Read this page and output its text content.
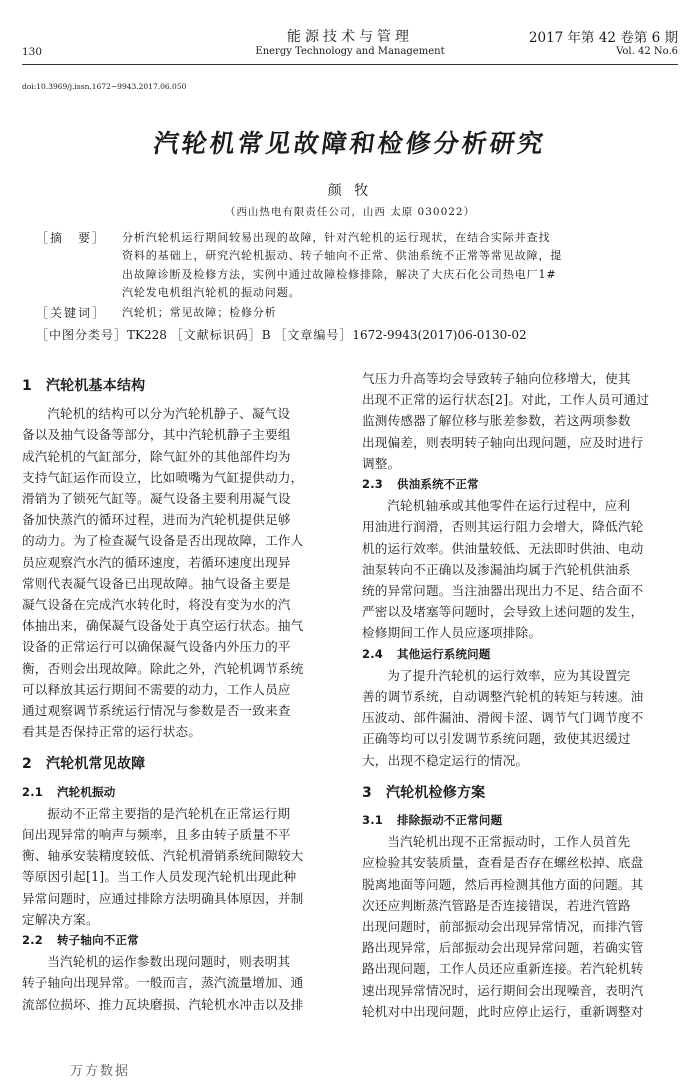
能源技术与管理
Energy Technology and Management
130
2017 年第 42 卷第 6 期
Vol. 42 No.6
doi:10.3969/j.issn.1672−9943.2017.06.050
汽轮机常见故障和检修分析研究
颜 牧
（西山热电有限责任公司，山西 太原 030022）
［摘　要］ 分析汽轮机运行期间较易出现的故障，针对汽轮机的运行现状，在结合实际并查找
资料的基础上，研究汽轮机振动、转子轴向不正常、供油系统不正常等常见故障，提
出故障诊断及检修方法，实例中通过故障检修排除，解决了大庆石化公司热电厂1#
汽轮发电机组汽轮机的振动问题。
［关键词］ 汽轮机；常见故障；检修分析
［中图分类号］TK228 ［文献标识码］B ［文章编号］1672-9943(2017)06-0130-02
1 汽轮机基本结构
汽轮机的结构可以分为汽轮机静子、凝气设
备以及抽气设备等部分，其中汽轮机静子主要组
成汽轮机的气缸部分，除气缸外的其他部件均为
支持气缸运作而设立，比如喷嘴为气缸提供动力，
滑销为了锁死气缸等。凝气设备主要利用凝气设
备加快蒸汽的循环过程，进而为汽轮机提供足够
的动力。为了检查凝气设备是否出现故障，工作人
员应观察汽水汽的循环速度，若循环速度出现异
常则代表凝气设备已出现故障。抽气设备主要是
凝气设备在完成汽水转化时，将没有变为水的汽
体抽出来，确保凝气设备处于真空运行状态。抽气
设备的正常运行可以确保凝气设备内外压力的平
衡，否则会出现故障。除此之外，汽轮机调节系统
可以释放其运行期间不需要的动力，工作人员应
通过观察调节系统运行情况与参数是否一致来查
看其是否保持正常的运行状态。
2 汽轮机常见故障
2.1 汽轮机振动
振动不正常主要指的是汽轮机在正常运行期
间出现异常的响声与频率，且多由转子质量不平
衡、轴承安装精度较低、汽轮机滑销系统间隙较大
等原因引起[1]。当工作人员发现汽轮机出现此种
异常问题时，应通过排除方法明确具体原因，并制
定解决方案。
2.2 转子轴向不正常
当汽轮机的运作参数出现问题时，则表明其
转子轴向出现异常。一般而言，蒸汽流量增加、通
流部位损坏、推力瓦块磨损、汽轮机水冲击以及排
气压力升高等均会导致转子轴向位移增大，使其
出现不正常的运行状态[2]。对此，工作人员可通过
监测传感器了解位移与胀差参数，若这两项参数
出现偏差，则表明转子轴向出现问题，应及时进行
调整。
2.3 供油系统不正常
汽轮机轴承或其他零件在运行过程中，应利
用油进行润滑，否则其运行阻力会增大，降低汽轮
机的运行效率。供油量较低、无法即时供油、电动
油泵转向不正确以及渗漏油均属于汽轮机供油系
统的异常问题。当注油器出现出力不足、结合面不
严密以及堵塞等问题时，会导致上述问题的发生，
检修期间工作人员应逐项排除。
2.4 其他运行系统问题
为了提升汽轮机的运行效率，应为其设置完
善的调节系统，自动调整汽轮机的转矩与转速。油
压波动、部件漏油、滑阀卡涩、调节气门调节度不
正确等均可以引发调节系统问题，致使其迟缓过
大，出现不稳定运行的情况。
3 汽轮机检修方案
3.1 排除振动不正常问题
当汽轮机出现不正常振动时，工作人员首先
应检验其安装质量，查看是否存在螺丝松掉、底盘
脱离地面等问题，然后再检测其他方面的问题。其
次还应判断蒸汽管路是否连接错误，若进汽管路
出现问题时，前部振动会出现异常情况，而排汽管
路出现异常，后部振动会出现异常问题，若确实管
路出现问题，工作人员还应重新连接。若汽轮机转
速出现异常情况时，运行期间会出现噪音，表明汽
轮机对中出现问题，此时应停止运行，重新调整对
万方数据
